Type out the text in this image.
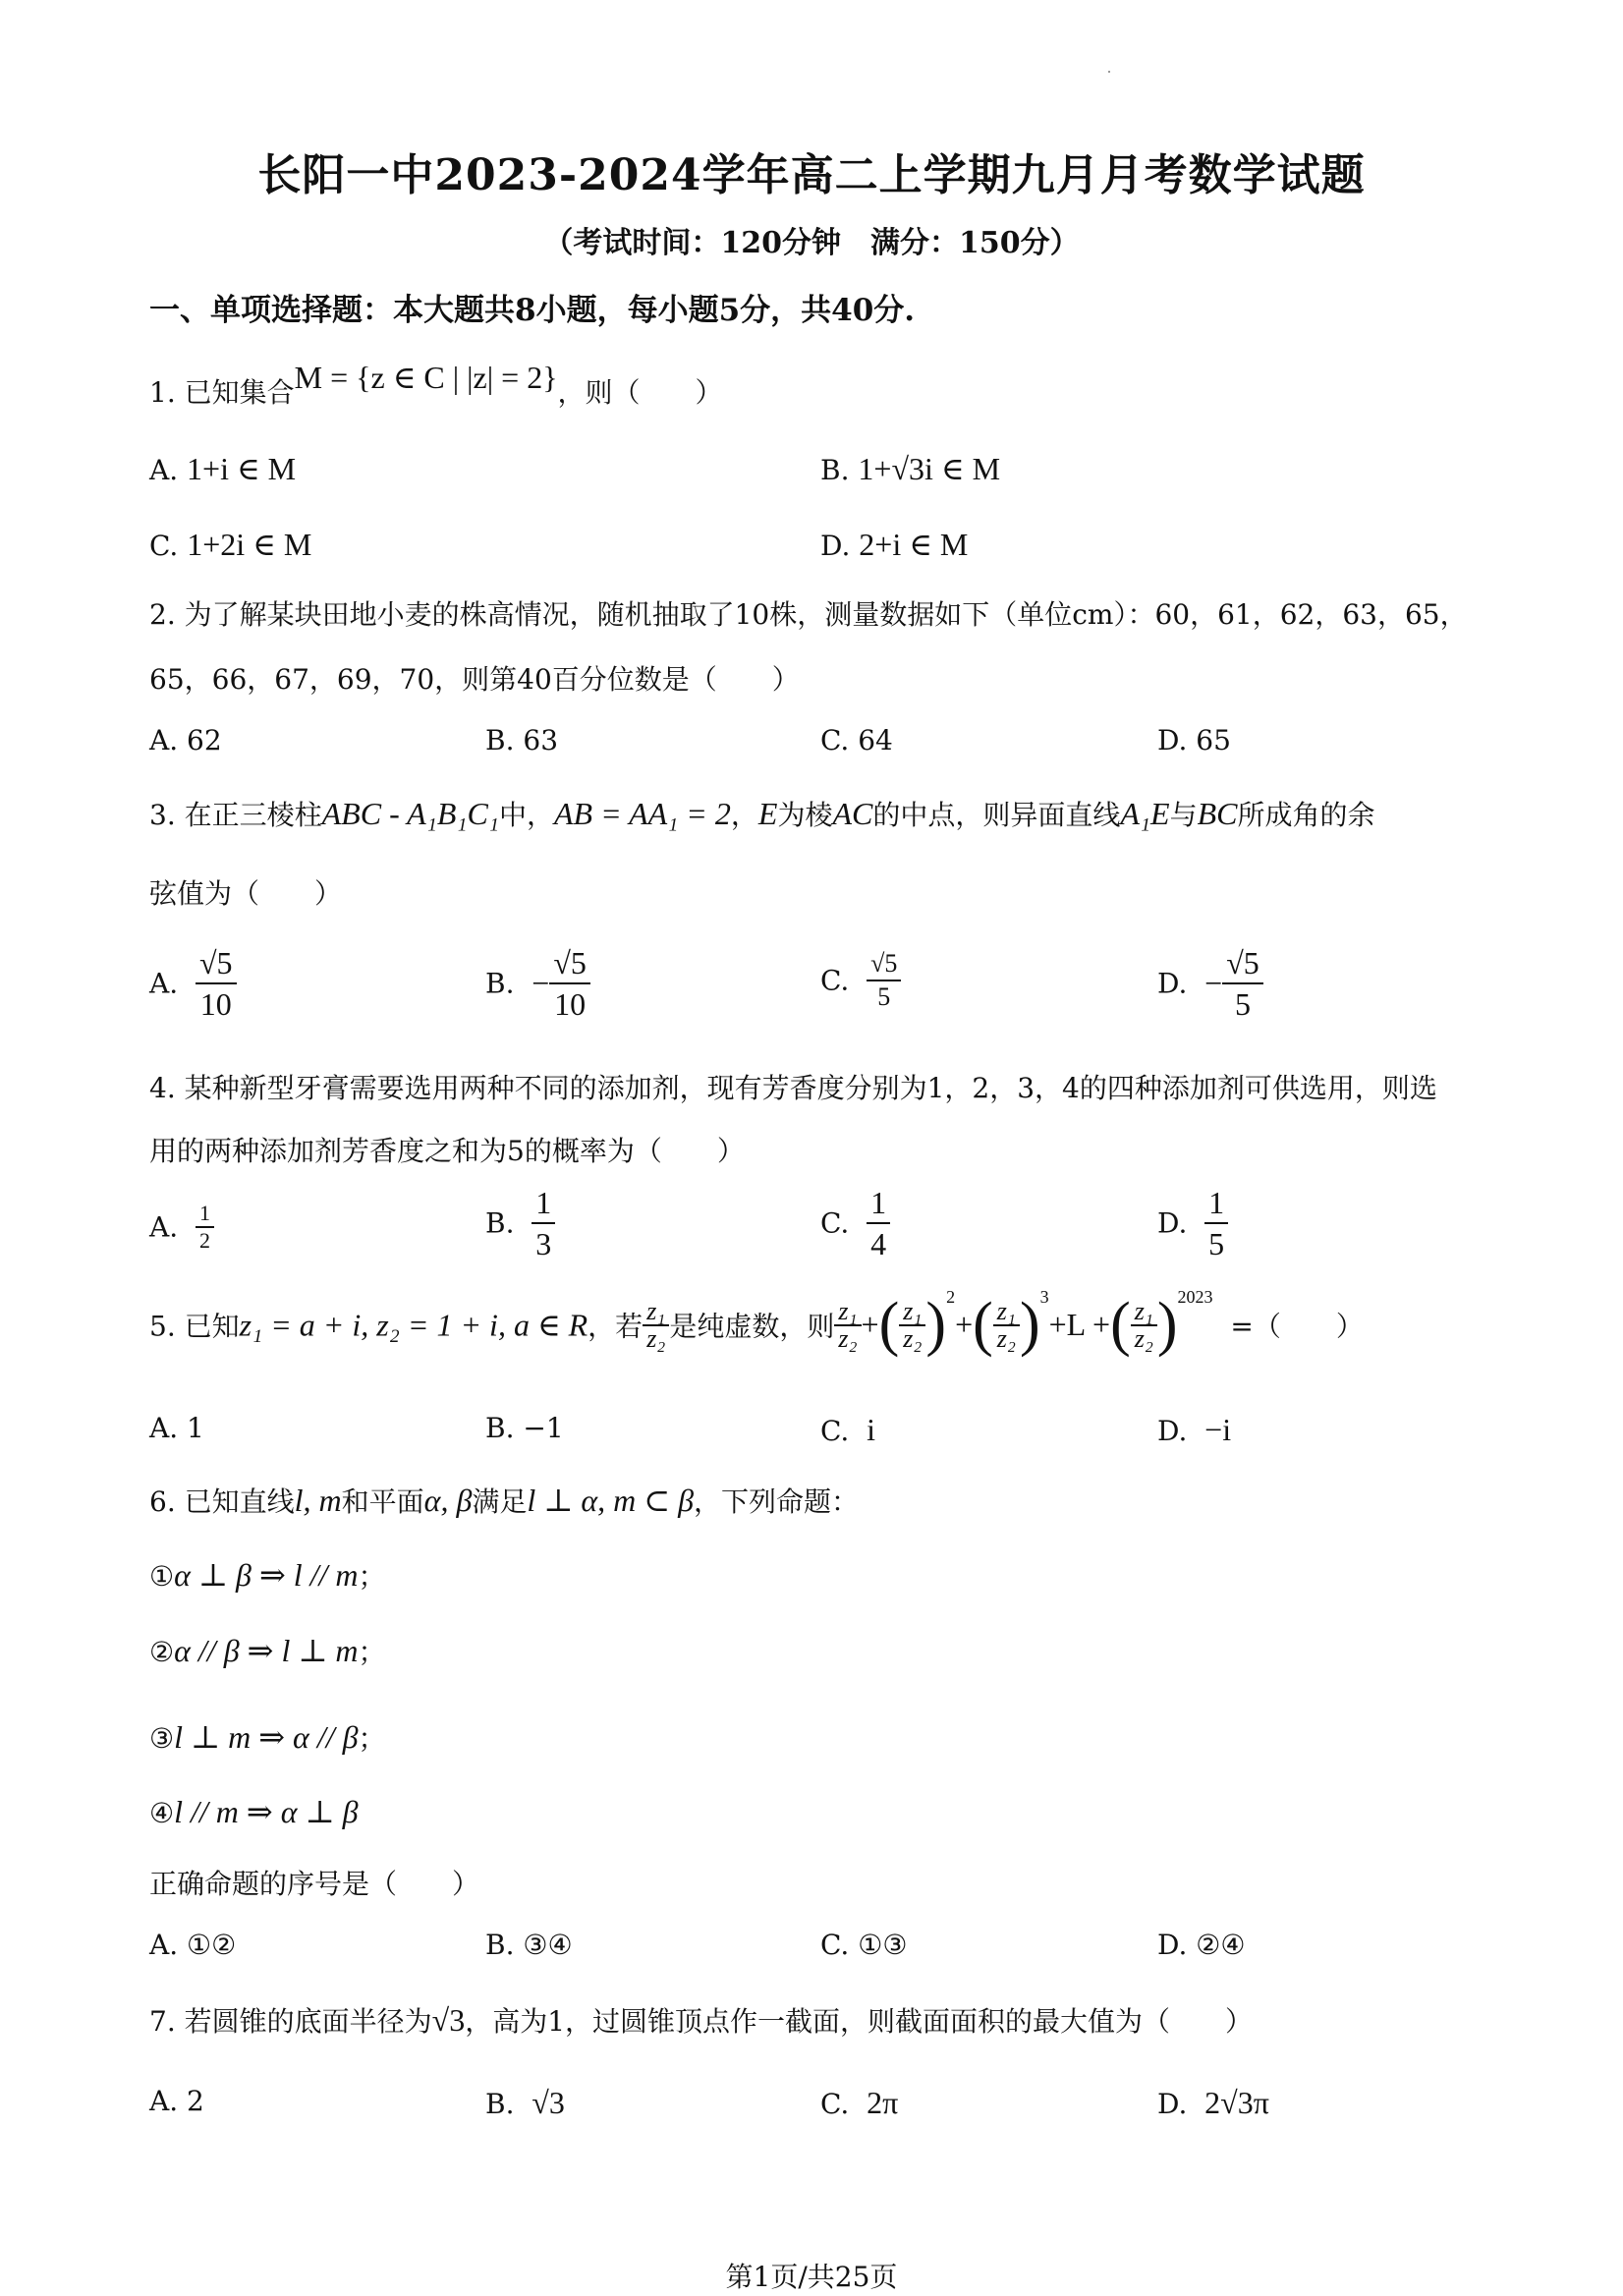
长阳一中2023-2024学年高二上学期九月月考数学试题
（考试时间：120分钟　满分：150分）
一、单项选择题：本大题共8小题，每小题5分，共40分.
1. 已知集合M = {z ∈ C | |z| = 2}，则（　　）
A. 1+i ∈ M	B. 1+√3i ∈ M
C. 1+2i ∈ M	D. 2+i ∈ M
2. 为了解某块田地小麦的株高情况，随机抽取了10株，测量数据如下（单位cm）：60，61，62，63，65，
65，66，67，69，70，则第40百分位数是（　　）
A. 62	B. 63	C. 64	D. 65
3. 在正三棱柱ABC - A₁B₁C₁中，AB = AA₁ = 2，E为棱AC的中点，则异面直线A₁E与BC所成角的余
弦值为（　　）
A. $\frac{√5}{10}$	B. − $\frac{√5}{10}$	C. $\frac{√5}{5}$	D. − $\frac{√5}{5}$
4. 某种新型牙膏需要选用两种不同的添加剂，现有芳香度分别为1，2，3，4的四种添加剂可供选用，则选
用的两种添加剂芳香度之和为5的概率为（　　）
A. $\frac{1}{2}$	B. $\frac{1}{3}$	C. $\frac{1}{4}$	D. $\frac{1}{5}$
5. 已知z₁ = a + i, z₂ = 1 + i, a ∈ R，若 $\frac{\text{z₁}}{\text{z₂}}$ 是纯虚数，则 $\frac{\text{z₁}}{\text{z₂}}$ +( $\frac{\text{z₁}}{\text{z₂}} )^2+( \frac{\text{z₁}}{\text{z₂}} )^3+L$ +( $\frac{\text{z₁}}{\text{z₂}} )^{2023}$  =（　　）
A. 1	B. −1	C. i	D. −i
6. 已知直线l, m和平面α, β满足l ⊥ α, m ⊂ β，下列命题：
①α ⊥ β ⇒ l // m；
②α // β ⇒ l ⊥ m；
③l ⊥ m ⇒ α // β；
④l // m ⇒ α ⊥ β
正确命题的序号是（　　）
A. ①②	B. ③④	C. ①③	D. ②④
7. 若圆锥的底面半径为√3，高为1，过圆锥顶点作一截面，则截面面积的最大值为（　　）
A. 2	B. √3	C. 2π	D. 2√3π
第1页/共25页
